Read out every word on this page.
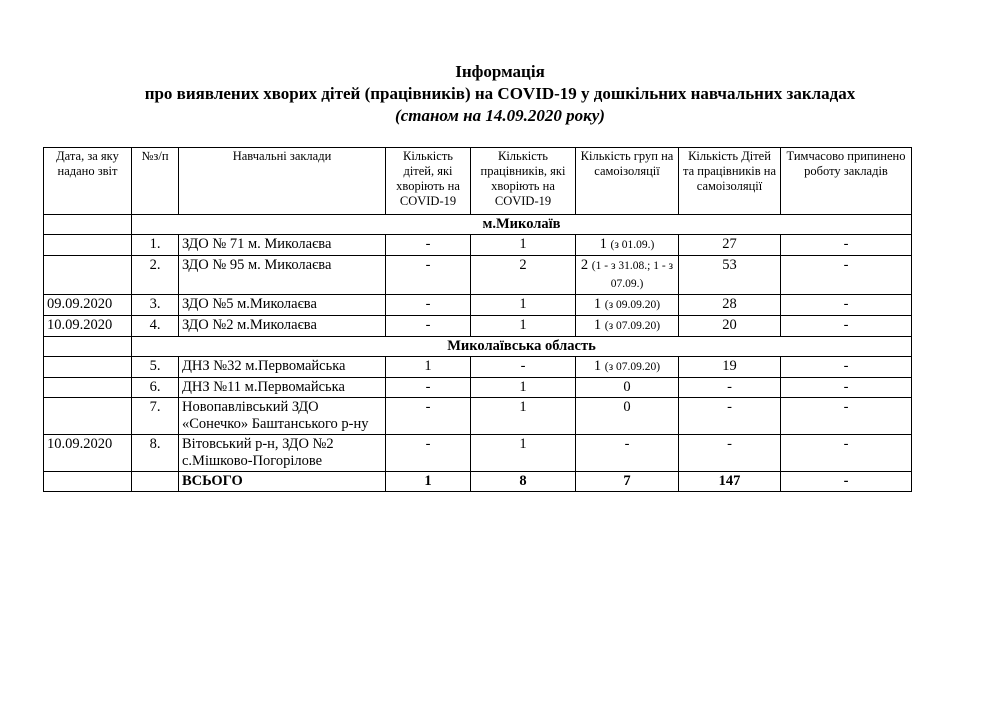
Інформація
про виявлених хворих дітей (працівників) на COVID-19 у дошкільних навчальних закладах
(станом на 14.09.2020 року)
Дата, за яку надано звіт	№з/п	Навчальні заклади	Кількість дітей, які хворіють на COVID-19	Кількість працівників, які хворіють на COVID-19	Кількість груп на самоізоляції	Кількість Дітей та працівників на самоізоляції	Тимчасово припинено роботу закладів
	м.Миколаїв						
	1.	ЗДО № 71 м. Миколаєва	-	1	1 (з 01.09.)	27	-
	2.	ЗДО № 95 м. Миколаєва	-	2	2 (1 - з 31.08.; 1 - з 07.09.)	53	-
09.09.2020	3.	ЗДО №5 м.Миколаєва	-	1	1 (з 09.09.20)	28	-
10.09.2020	4.	ЗДО №2 м.Миколаєва	-	1	1 (з 07.09.20)	20	-
	Миколаївська область						
	5.	ДНЗ №32 м.Первомайська	1	-	1 (з 07.09.20)	19	-
	6.	ДНЗ №11 м.Первомайська	-	1	0	-	-
	7.	Новопавлівський ЗДО «Сонечко» Баштанського р-ну	-	1	0	-	-
10.09.2020	8.	Вітовський р-н, ЗДО №2 с.Мішково-Погорілове	-	1	-	-	-
		ВСЬОГО	1	8	7	147	-
